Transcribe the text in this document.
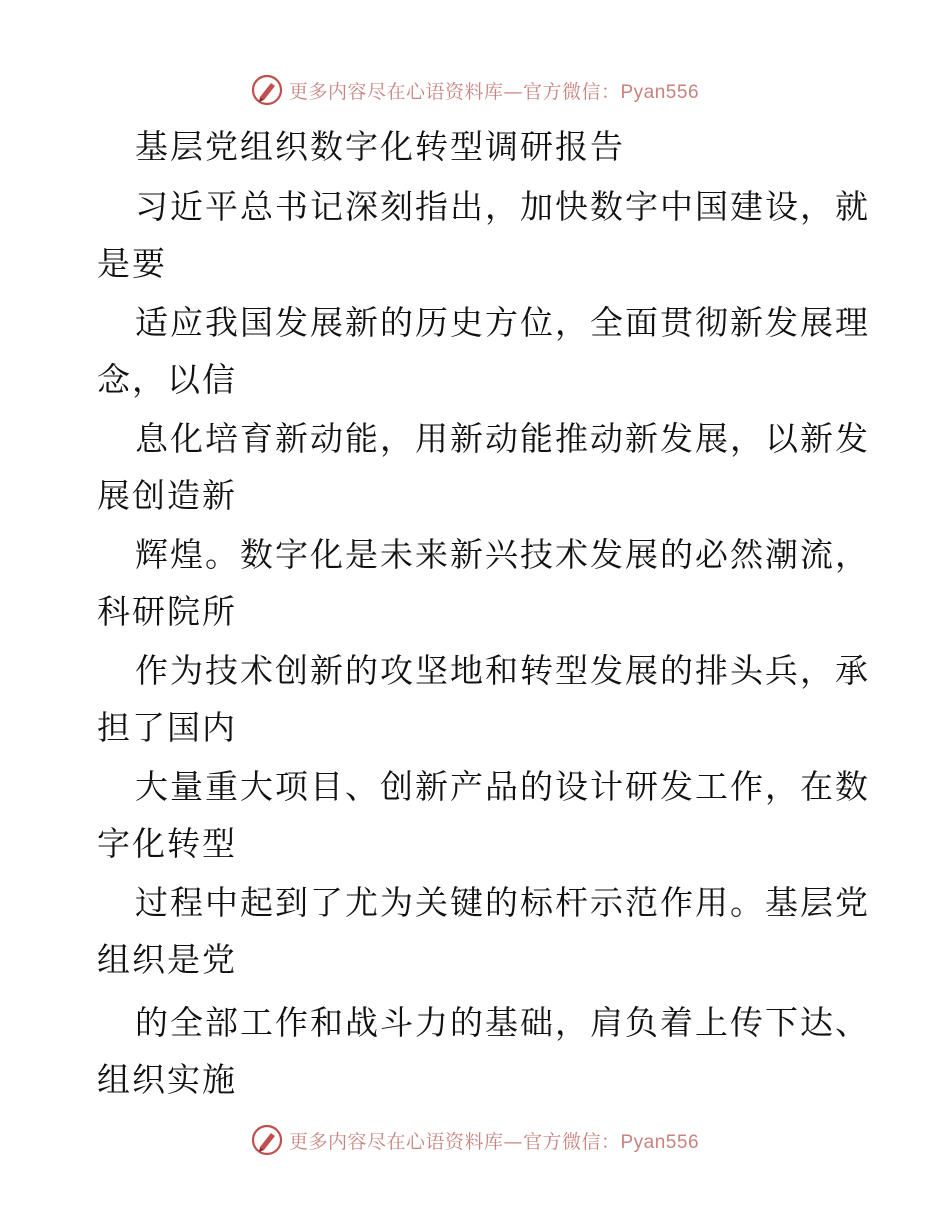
更多内容尽在心语资料库—官方微信：Pyan556
基层党组织数字化转型调研报告
习近平总书记深刻指出，加快数字中国建设，就
是要
适应我国发展新的历史方位，全面贯彻新发展理
念，以信
息化培育新动能，用新动能推动新发展，以新发
展创造新
辉煌。数字化是未来新兴技术发展的必然潮流，
科研院所
作为技术创新的攻坚地和转型发展的排头兵，承
担了国内
大量重大项目、创新产品的设计研发工作，在数
字化转型
过程中起到了尤为关键的标杆示范作用。基层党
组织是党
的全部工作和战斗力的基础，肩负着上传下达、
组织实施
更多内容尽在心语资料库—官方微信：Pyan556
